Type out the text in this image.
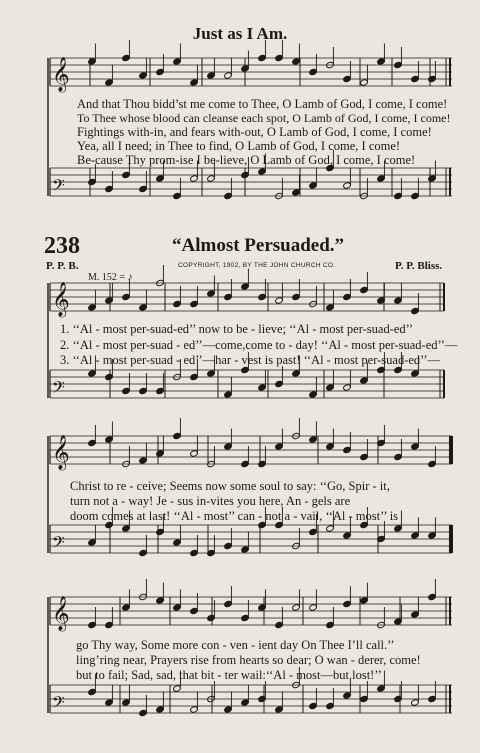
𝄞
𝄢
𝄞
𝄢
𝄞
𝄢
𝄞
𝄢
Just as I Am.
And that Thou bidd’st me come to Thee, O Lamb of God, I come, I come!
To Thee whose blood can cleanse each spot, O Lamb of God, I come, I come!
Fightings with-in, and fears with-out, O Lamb of God, I come, I come!
Yea, all I need; in Thee to find, O Lamb of God, I come, I come!
Be-cause Thy prom-ise I be-lieve, O Lamb of God, I come, I come!
238	“Almost Persuaded.”
P. P. B.	COPYRIGHT, 1902, BY THE JOHN CHURCH CO.	P. P. Bliss.
M. 152 = ♪
1. ‘‘Al - most per-suad-ed’’ now to be - lieve; ‘‘Al - most per-suad-ed’’
2. ‘‘Al - most per-suad - ed’’—come,come to - day! ‘‘Al - most per-suad-ed’’—
3. ‘‘Al - most per-suad - ed’’—har - vest is past! ‘‘Al - most per-suad-ed’’—
Christ to re - ceive; Seems now some soul to say: ‘‘Go, Spir - it,
turn not a - way! Je - sus in-vites you here, An - gels are
doom comes at last! ‘‘Al - most’’ can - not a - vail, ‘‘Al - most’’ is
go Thy way, Some more con - ven - ient day On Thee I’ll call.’’
ling’ring near, Prayers rise from hearts so dear; O wan - derer, come!
but to fail; Sad, sad, that bit - ter wail:‘‘Al - most—but lost!’’
